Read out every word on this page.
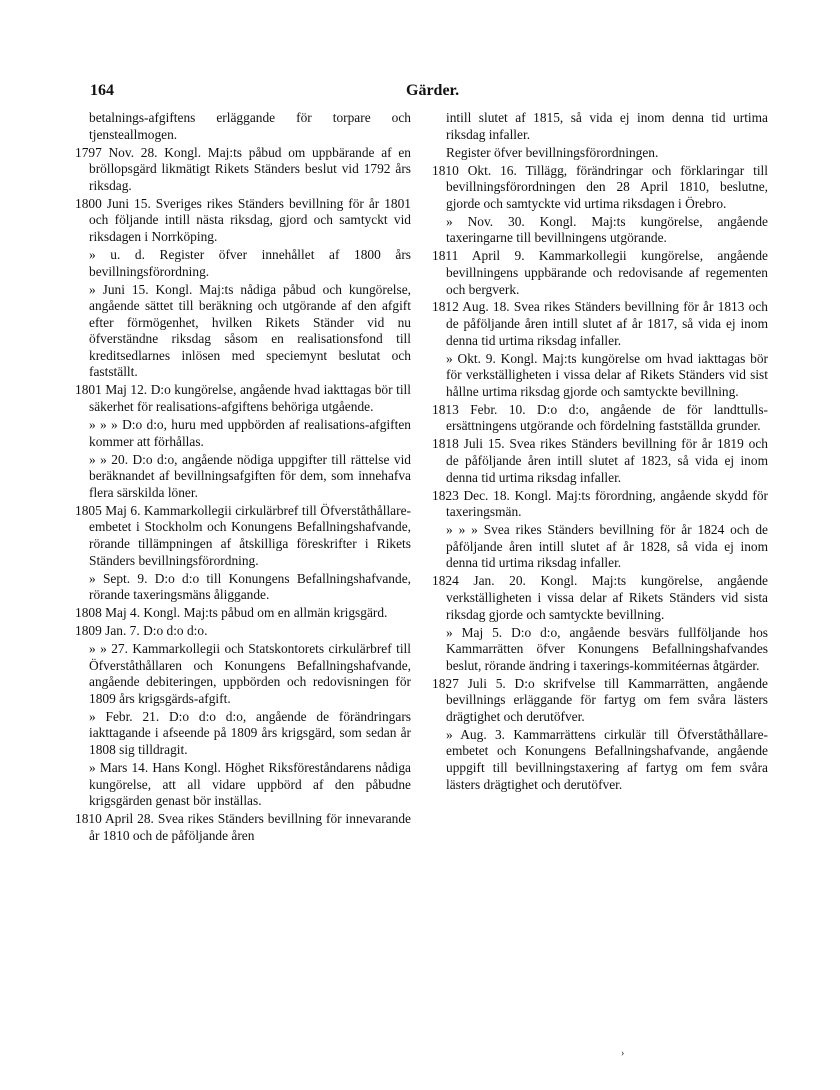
164	Gärder.

betalnings-afgiftens erläggande för torpare och tjensteallmogen.

1797 Nov. 28. Kongl. Maj:ts påbud om uppbärande af en bröllopsgärd likmätigt Rikets Ständers beslut vid 1792 års riksdag.

1800 Juni 15. Sveriges rikes Ständers bevillning för år 1801 och följande intill nästa riksdag, gjord och samtyckt vid riksdagen i Norrköping.

» u. d. Register öfver innehållet af 1800 års bevillningsförordning.

» Juni 15. Kongl. Maj:ts nådiga påbud och kungörelse, angående sättet till beräkning och utgörande af den afgift efter förmögenhet, hvilken Rikets Ständer vid nu öfverständne riksdag såsom en realisationsfond till kreditsedlarnes inlösen med speciemynt beslutat och fastställt.

1801 Maj 12. D:o kungörelse, angående hvad iakttagas bör till säkerhet för realisations-afgiftens behöriga utgående.

» » » D:o d:o, huru med uppbörden af realisations-afgiften kommer att förhållas.

» » 20. D:o d:o, angående nödiga uppgifter till rättelse vid beräknandet af bevillningsafgiften för dem, som innehafva flera särskilda löner.

1805 Maj 6. Kammarkollegii cirkulärbref till Öfverståthållare-embetet i Stockholm och Konungens Befallningshafvande, rörande tillämpningen af åtskilliga föreskrifter i Rikets Ständers bevillningsförordning.

» Sept. 9. D:o d:o till Konungens Befallningshafvande, rörande taxeringsmäns åliggande.

1808 Maj 4. Kongl. Maj:ts påbud om en allmän krigsgärd.

1809 Jan. 7. D:o d:o d:o.

» » 27. Kammarkollegii och Statskontorets cirkulärbref till Öfverståthållaren och Konungens Befallningshafvande, angående debiteringen, uppbörden och redovisningen för 1809 års krigsgärds-afgift.

» Febr. 21. D:o d:o d:o, angående de förändringars iakttagande i afseende på 1809 års krigsgärd, som sedan år 1808 sig tilldragit.

» Mars 14. Hans Kongl. Höghet Riksföreståndarens nådiga kungörelse, att all vidare uppbörd af den påbudne krigsgärden genast bör inställas.

1810 April 28. Svea rikes Ständers bevillning för innevarande år 1810 och de påföljande åren

intill slutet af 1815, så vida ej inom denna tid urtima riksdag infaller.

Register öfver bevillningsförordningen.

1810 Okt. 16. Tillägg, förändringar och förklaringar till bevillningsförordningen den 28 April 1810, beslutne, gjorde och samtyckte vid urtima riksdagen i Örebro.

» Nov. 30. Kongl. Maj:ts kungörelse, angående taxeringarne till bevillningens utgörande.

1811 April 9. Kammarkollegii kungörelse, angående bevillningens uppbärande och redovisande af regementen och bergverk.

1812 Aug. 18. Svea rikes Ständers bevillning för år 1813 och de påföljande åren intill slutet af år 1817, så vida ej inom denna tid urtima riksdag infaller.

» Okt. 9. Kongl. Maj:ts kungörelse om hvad iakttagas bör för verkställigheten i vissa delar af Rikets Ständers vid sist hållne urtima riksdag gjorde och samtyckte bevillning.

1813 Febr. 10. D:o d:o, angående de för landttulls-ersättningens utgörande och fördelning fastställda grunder.

1818 Juli 15. Svea rikes Ständers bevillning för år 1819 och de påföljande åren intill slutet af 1823, så vida ej inom denna tid urtima riksdag infaller.

1823 Dec. 18. Kongl. Maj:ts förordning, angående skydd för taxeringsmän.

» » » Svea rikes Ständers bevillning för år 1824 och de påföljande åren intill slutet af år 1828, så vida ej inom denna tid urtima riksdag infaller.

1824 Jan. 20. Kongl. Maj:ts kungörelse, angående verkställigheten i vissa delar af Rikets Ständers vid sista riksdag gjorde och samtyckte bevillning.

» Maj 5. D:o d:o, angående besvärs fullföljande hos Kammarrätten öfver Konungens Befallningshafvandes beslut, rörande ändring i taxerings-kommitéernas åtgärder.

1827 Juli 5. D:o skrifvelse till Kammarrätten, angående bevillnings erläggande för fartyg om fem svåra lästers drägtighet och derutöfver.

» Aug. 3. Kammarrättens cirkulär till Öfverståthållare-embetet och Konungens Befallningshafvande, angående uppgift till bevillningstaxering af fartyg om fem svåra lästers drägtighet och derutöfver.

›
